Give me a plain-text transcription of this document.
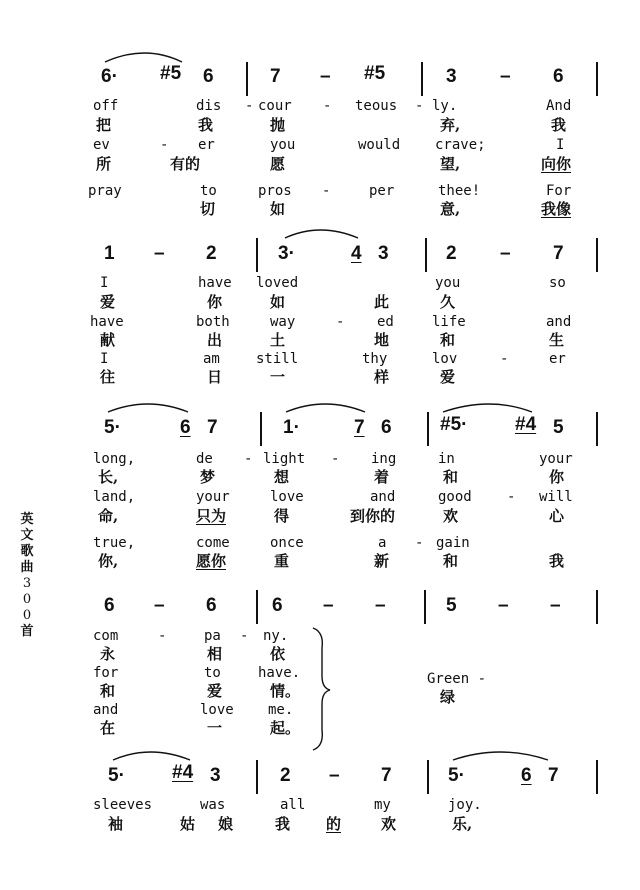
英
文
歌
曲
3
0
0
首
6· #5 6	7 – #5	3 – 6
off	dis - cour - teous - ly.	And
把	我	抛	弃,	我
ev	- er	you	would crave;	I
所	有的	愿	望,	向你
pray	to	pros -	per	thee!	For
切	如	意,	我像
1 – 2	3·	4 3	2 – 7
I	have loved	you	so
爱	你	如	此	久
have	both	way	- ed	life	and
献	出	土	地	和	生
I	am	still	thy	lov	-	er
往	日	一	样	爱
5·	6 7	1·	7 6	#5·	#4 5
long,	de - light - ing	in	your
长,	梦	想	着	和	你
land,	your	love	and	good	- will
命,	只为	得	到你的	欢	心
true,	come	once	a - gain
你,	愿你	重	新	和	我
6 – 6	6 – –	5 – –
com	-	pa - ny.
永	相	依
for	to	have.
和	爱	情。
and	love me.
在	一	起。
Green -
绿
5· #4 3	2 – 7	5·	6 7
sleeves	was	all	my	joy.
袖	姑 娘	我 的	欢	乐,
